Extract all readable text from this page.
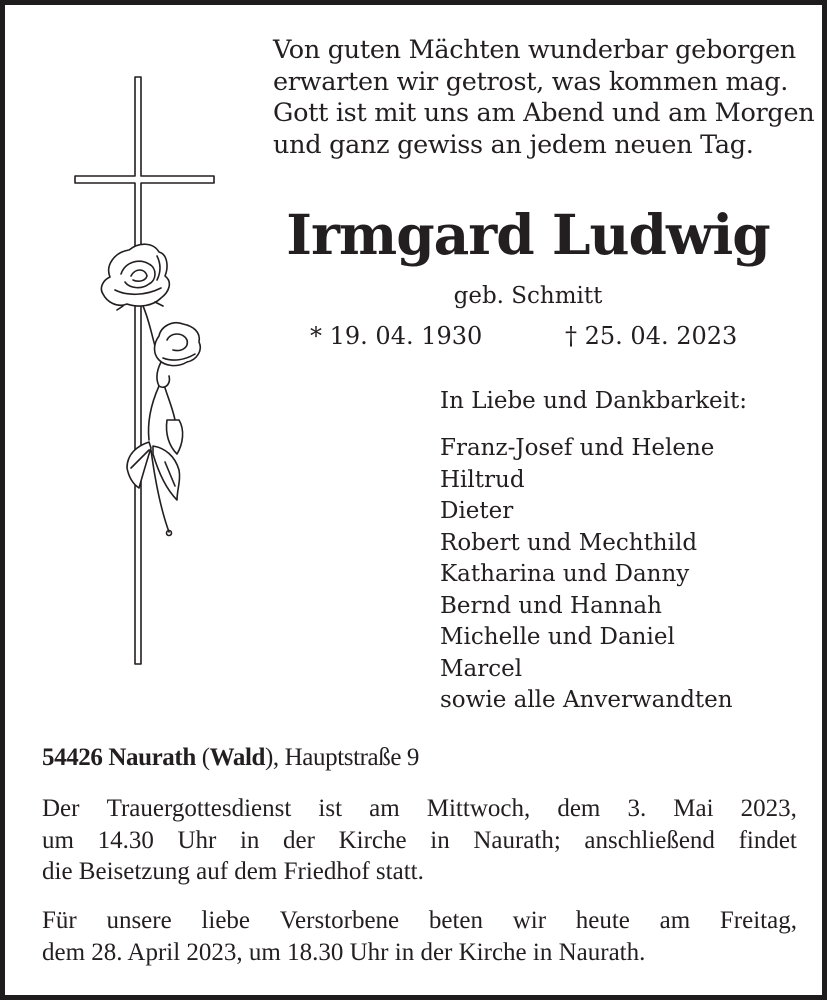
Von guten Mächten wunderbar geborgen
erwarten wir getrost, was kommen mag.
Gott ist mit uns am Abend und am Morgen
und ganz gewiss an jedem neuen Tag.
Irmgard Ludwig
geb. Schmitt
* 19. 04. 1930	† 25. 04. 2023
In Liebe und Dankbarkeit:
Franz-Josef und Helene
Hiltrud
Dieter
Robert und Mechthild
Katharina und Danny
Bernd und Hannah
Michelle und Daniel
Marcel
sowie alle Anverwandten
54426 Naurath (Wald), Hauptstraße 9
Der Trauergottesdienst ist am Mittwoch, dem 3. Mai 2023,
um 14.30 Uhr in der Kirche in Naurath; anschließend findet
die Beisetzung auf dem Friedhof statt.
Für unsere liebe Verstorbene beten wir heute am Freitag,
dem 28. April 2023, um 18.30 Uhr in der Kirche in Naurath.
